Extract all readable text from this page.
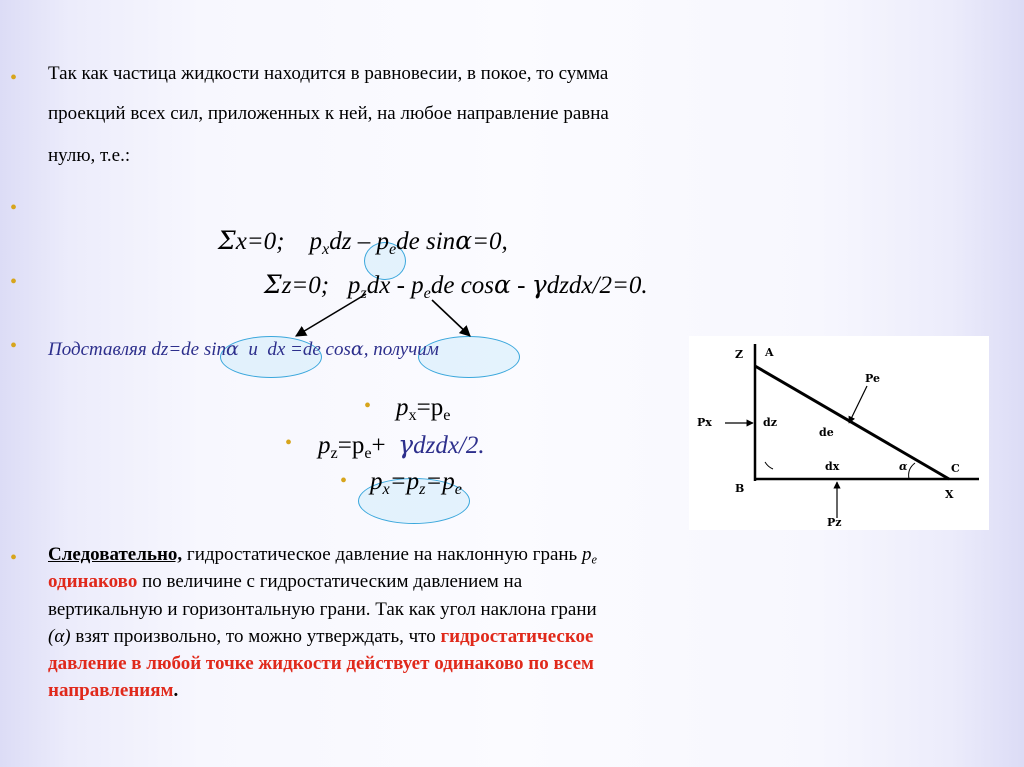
•
•
•
•
•
•
•
•
Так как частица жидкости находится в равновесии, в покое, то сумма
проекций всех сил, приложенных к ней, на любое направление равна
нулю, т.е.:
Σx=0; $p_xdz - p_ede$ sinα=0,
Σz=0; $p_zdx - p_ede$ cosα - γdzdx/2=0.
Подставляя dz=de sinα  и  dx =de cosα, получим
$p_x=p_e$
$p_z=p_e+$  γdzdx/2.
$p_x=p_z=p_e$
Z A
Pe
Px	dz
de
dx	α	C
B	X
Pz
Следовательно, гидростатическое давление на наклонную грань $p_e$
одинаково по величине с гидростатическим давлением на
вертикальную и горизонтальную грани. Так как угол наклона грани
(α) взят произвольно, то можно утверждать, что гидростатическое
давление в любой точке жидкости действует одинаково по всем
направлениям.
